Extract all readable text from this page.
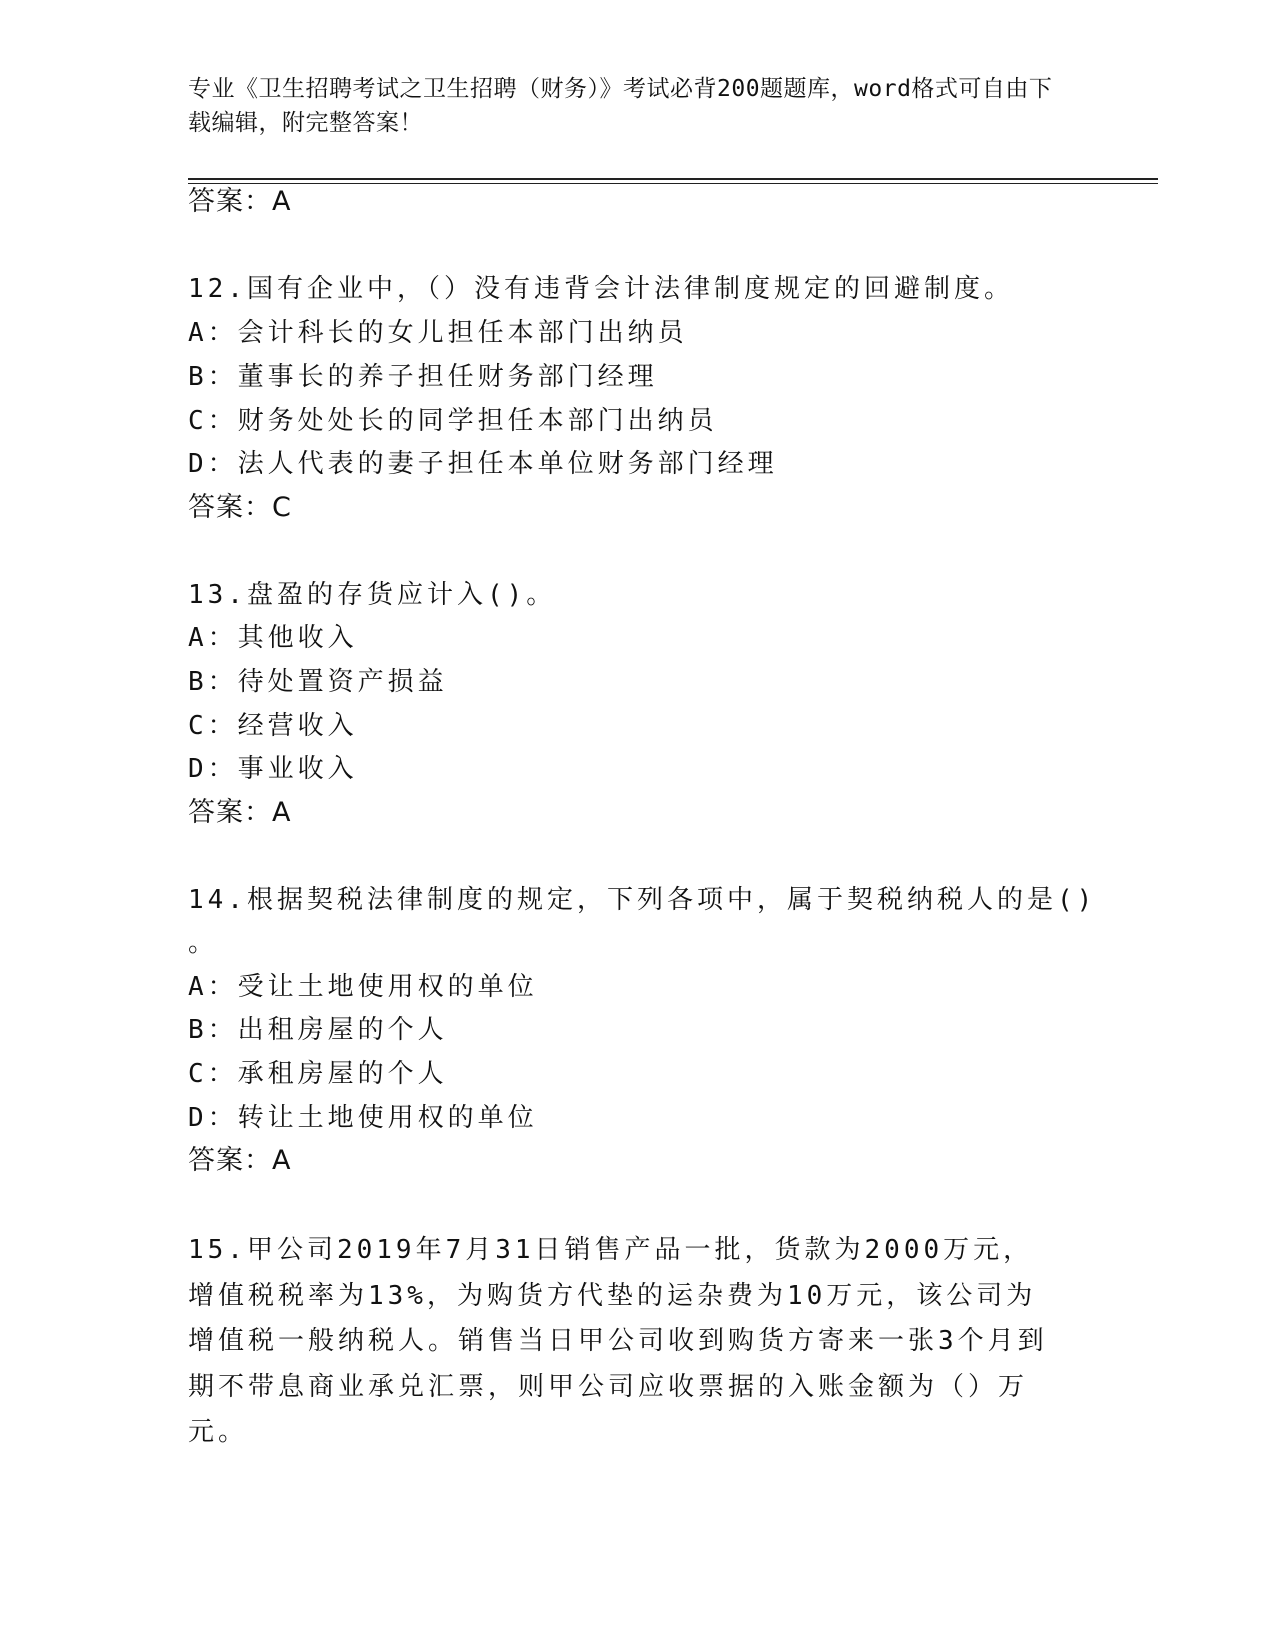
专业《卫生招聘考试之卫生招聘（财务）》考试必背200题题库，word格式可自由下载编辑，附完整答案！
答案：A
12.国有企业中，（）没有违背会计法律制度规定的回避制度。
A：会计科长的女儿担任本部门出纳员
B：董事长的养子担任财务部门经理
C：财务处处长的同学担任本部门出纳员
D：法人代表的妻子担任本单位财务部门经理
答案：C
13.盘盈的存货应计入()。
A：其他收入
B：待处置资产损益
C：经营收入
D：事业收入
答案：A
14.根据契税法律制度的规定，下列各项中，属于契税纳税人的是()
。
A：受让土地使用权的单位
B：出租房屋的个人
C：承租房屋的个人
D：转让土地使用权的单位
答案：A
15.甲公司2019年7月31日销售产品一批，货款为2000万元，增值税税率为13%，为购货方代垫的运杂费为10万元，该公司为增值税一般纳税人。销售当日甲公司收到购货方寄来一张3个月到期不带息商业承兑汇票，则甲公司应收票据的入账金额为（）万元。
